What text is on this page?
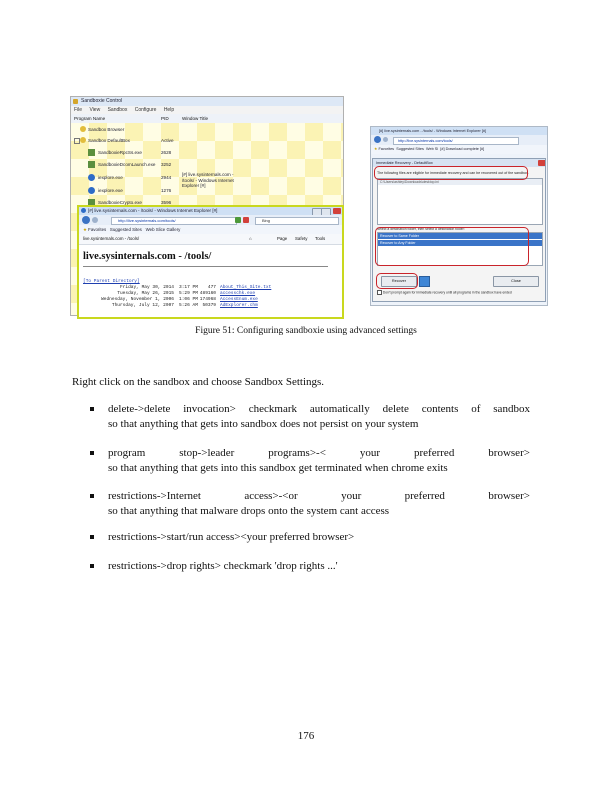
Sandboxie Control
File View Sandbox Configure Help
Program Name	PID	Window Title
Sandbox Browser
Sandbox DefaultBox	Active
SandboxieRpcSs.exe	2628
SandboxieDcomLaunch.exe 3252
iexplore.exe	2944
[#] live.sysinternals.com - /tools/ - Windows Internet Explorer [#]
iexplore.exe	1276
SandboxieCrypto.exe	3596
[#] live.sysinternals.com - /tools/ - Windows Internet Explorer [#]
http://live.sysinternals.com/tools/	Bing
★ Favorites Suggested Sites Web Slice Gallery
live.sysinternals.com - /tools/	⌂	Page Safety Tools
live.sysinternals.com - /tools/
[To Parent Directory]
Friday, May 30, 2014 3:17 PM 477 About_This_Site.txt
Tuesday, May 26, 2015 5:29 PM 489160 accesschk.exe
Wednesday, November 1, 2006 1:06 PM 174968 AccessEnum.exe
Thursday, July 12, 2007 5:26 AM 50379 AdExplorer.chm
[#] live.sysinternals.com - /tools/ - Windows Internet Explorer [#]
http://live.sysinternals.com/tools/
★ Favorites Suggested Sites Web Sl [#] Download complete [#]
Immediate Recovery - DefaultBox
The following files are eligible for immediate recovery and can be recovered out of the sandbox.
C:\Users\ashley\Downloads\desktop.ini
Select a destination folder, then select a destination folder:
Recover to Same Folder
Recover to Any Folder
Recover	Close
Don't prompt again for immediate recovery until all programs in the sandbox have ended
Figure 51: Configuring sandboxie using advanced settings
Right click on the sandbox and choose Sandbox Settings.
delete->delete invocation> checkmark automatically delete contents of sandbox
so that anything that gets into sandbox does not persist on your system
program	stop->leader	programs>-<	your	preferred	browser>
so that anything that gets into this sandbox get terminated when chrome exits
restrictions->Internet	access>-<or	your	preferred	browser>
so that anything that malware drops onto the system cant access
restrictions->start/run access><your preferred browser>
restrictions->drop rights> checkmark 'drop rights ...'
176
